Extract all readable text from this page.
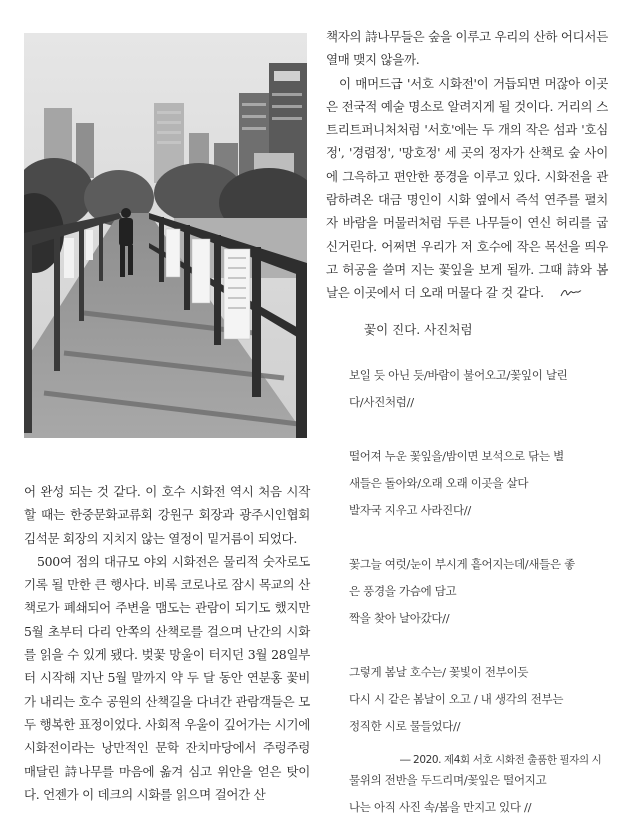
책자의 詩나무들은 숲을 이루고 우리의 산하 어디서든 열매 맺지 않을까.

이 매머드급 '서호 시화전'이 거듭되면 머잖아 이곳은 전국적 예술 명소로 알려지게 될 것이다. 거리의 스트리트퍼니처처럼 '서호'에는 두 개의 작은 섬과 '호심정', '경렴정', '망호정' 세 곳의 정자가 산책로 숲 사이에 그윽하고 편안한 풍경을 이루고 있다. 시화전을 관람하려온 대금 명인이 시화 옆에서 즉석 연주를 펼치자 바람을 머물러처럼 두른 나무들이 연신 허리를 굽신거린다. 어쩌면 우리가 저 호수에 작은 목선을 띄우고 허공을 쓸며 지는 꽃잎을 보게 될까. 그때 詩와 봄날은 이곳에서 더 오래 머물다 갈 것 같다.

꽃이 진다. 사진처럼
보일 듯 아닌 듯/바람이 불어오고/꽃잎이 날린
다/사진처럼//

떨어져 누운 꽃잎을/밤이면 보석으로 닦는 별
새들은 돌아와/오래 오래 이곳을 살다
발자국 지우고 사라진다//

꽃그늘 여럿/눈이 부시게 흩어지는데/새들은 좋
은 풍경을 가슴에 담고
짝을 찾아 날아갔다//

그렇게 봄날 호수는/ 꽃빛이 전부이듯
다시 시 같은 봄날이 오고 / 내 생각의 전부는
정직한 시로 물들었다//

물위의 전반을 두드리며/꽃잎은 떨어지고
나는 아직 사진 속/봄을 만지고 있다 //
― 2020. 제4회 서호 시화전 출품한 필자의 시

어 완성 되는 것 같다. 이 호수 시화전 역시 처음 시작할 때는 한중문화교류회 강원구 회장과 광주시인협회 김석문 회장의 지치지 않는 열정이 밑거름이 되었다.

500여 점의 대규모 야외 시화전은 물리적 숫자로도 기록 될 만한 큰 행사다. 비록 코로나로 잠시 목교의 산책로가 폐쇄되어 주변을 맴도는 관람이 되기도 했지만 5월 초부터 다리 안쪽의 산책로를 걸으며 난간의 시화를 읽을 수 있게 됐다. 벚꽃 망울이 터지던 3월 28일부터 시작해 지난 5월 말까지 약 두 달 동안 연분홍 꽃비가 내리는 호수 공원의 산책길을 다녀간 관람객들은 모두 행복한 표정이었다. 사회적 우울이 깊어가는 시기에 시화전이라는 낭만적인 문학 잔치마당에서 주렁주렁 매달린 詩나무를 마음에 옮겨 심고 위안을 얻은 탓이다. 언젠가 이 데크의 시화를 읽으며 걸어간 산
